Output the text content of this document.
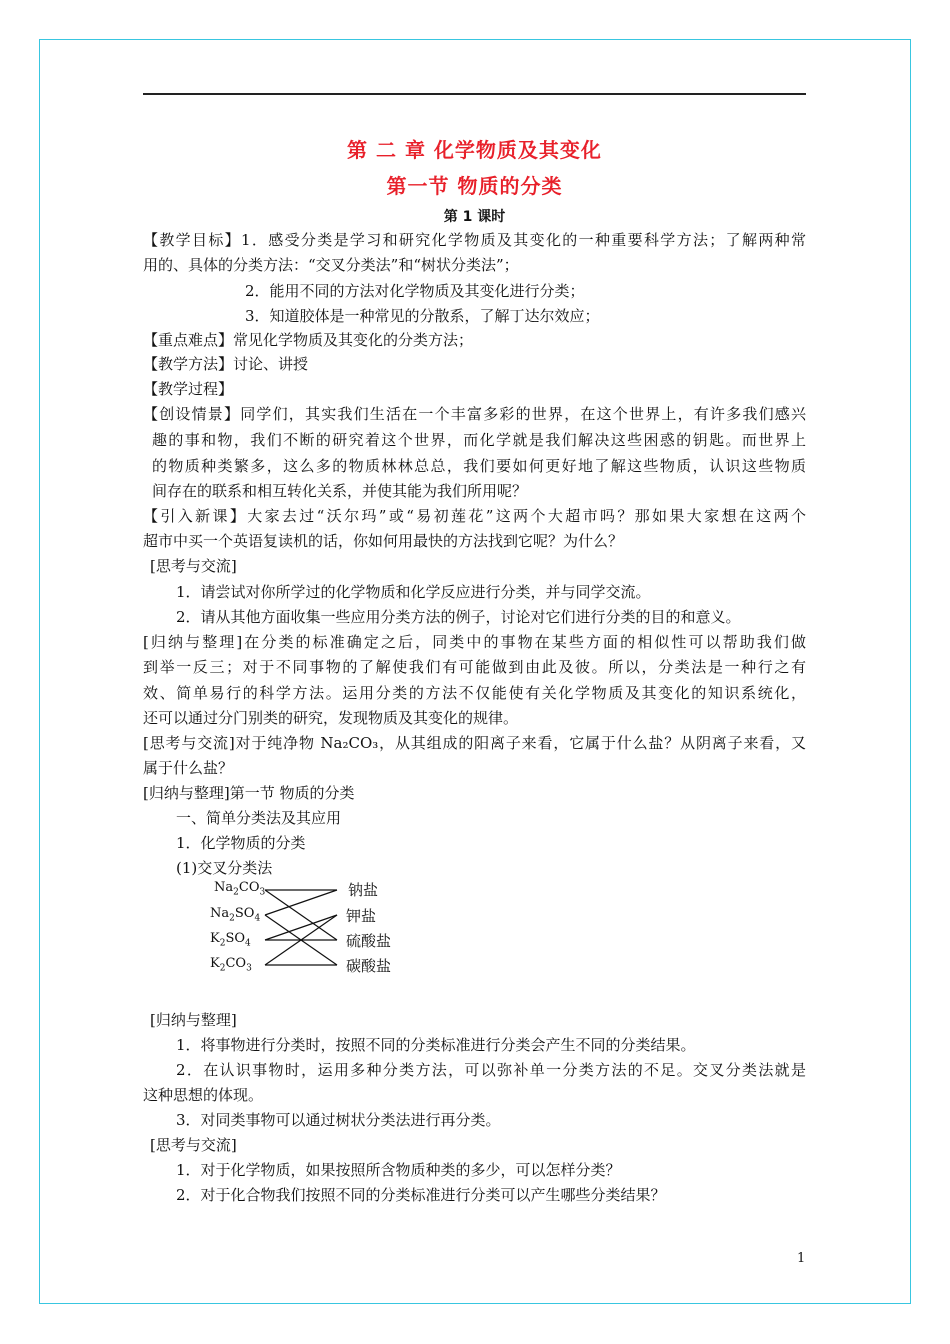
第 二 章 化学物质及其变化
第一节 物质的分类
第 1 课时
【教学目标】1．感受分类是学习和研究化学物质及其变化的一种重要科学方法；了解两种常
用的、具体的分类方法：“交叉分类法”和“树状分类法”；
2．能用不同的方法对化学物质及其变化进行分类；
3．知道胶体是一种常见的分散系，了解丁达尔效应；
【重点难点】常见化学物质及其变化的分类方法；
【教学方法】讨论、讲授
【教学过程】
【创设情景】同学们，其实我们生活在一个丰富多彩的世界，在这个世界上，有许多我们感兴
趣的事和物，我们不断的研究着这个世界，而化学就是我们解决这些困惑的钥匙。而世界上
的物质种类繁多，这么多的物质林林总总，我们要如何更好地了解这些物质，认识这些物质
间存在的联系和相互转化关系，并使其能为我们所用呢？
【引入新课】大家去过“沃尔玛”或“易初莲花”这两个大超市吗？那如果大家想在这两个
超市中买一个英语复读机的话，你如何用最快的方法找到它呢？为什么？
[思考与交流]
1．请尝试对你所学过的化学物质和化学反应进行分类，并与同学交流。
2．请从其他方面收集一些应用分类方法的例子，讨论对它们进行分类的目的和意义。
[归纳与整理]在分类的标准确定之后，同类中的事物在某些方面的相似性可以帮助我们做
到举一反三；对于不同事物的了解使我们有可能做到由此及彼。所以，分类法是一种行之有
效、简单易行的科学方法。运用分类的方法不仅能使有关化学物质及其变化的知识系统化，
还可以通过分门别类的研究，发现物质及其变化的规律。
[思考与交流]对于纯净物 Na₂CO₃，从其组成的阳离子来看，它属于什么盐？从阴离子来看，又
属于什么盐？
[归纳与整理]第一节 物质的分类
一、简单分类法及其应用
1．化学物质的分类
(1)交叉分类法
$Na_2CO_3$
$Na_2SO_4$
$K_2SO_4$
$K_2CO_3$
钠盐
钾盐
硫酸盐
碳酸盐
[归纳与整理]
1．将事物进行分类时，按照不同的分类标准进行分类会产生不同的分类结果。
2．在认识事物时，运用多种分类方法，可以弥补单一分类方法的不足。交叉分类法就是
这种思想的体现。
3．对同类事物可以通过树状分类法进行再分类。
[思考与交流]
1．对于化学物质，如果按照所含物质种类的多少，可以怎样分类？
2．对于化合物我们按照不同的分类标准进行分类可以产生哪些分类结果？
1
